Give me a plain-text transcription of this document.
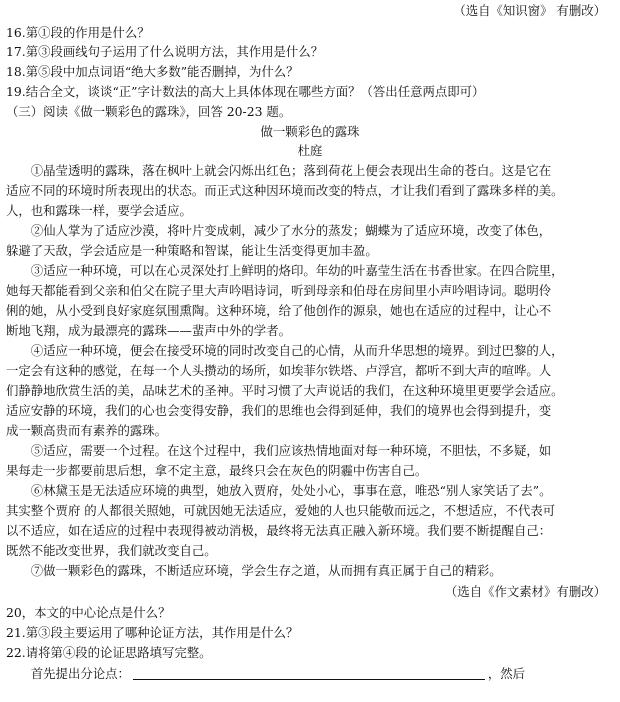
（选自《知识窗》 有删改）
16.第①段的作用是什么？
17.第③段画线句子运用了什么说明方法，其作用是什么？
18.第⑤段中加点词语“绝大多数”能否删掉，为什么？
19.结合全文，谈谈“正”字计数法的高大上具体体现在哪些方面？（答出任意两点即可）
（三）阅读《做一颗彩色的露珠》，回答 20-23 题。
做一颗彩色的露珠
杜庭
　　①晶莹透明的露珠，落在枫叶上就会闪烁出红色；落到荷花上便会表现出生命的苍白。这是它在
适应不同的环境时所表现出的状态。而正式这种因环境而改变的特点，才让我们看到了露珠多样的美。
人，也和露珠一样，要学会适应。
　　②仙人掌为了适应沙漠，将叶片变成刺，减少了水分的蒸发；蝴蝶为了适应环境，改变了体色，
躲避了天敌，学会适应是一种策略和智谋，能让生活变得更加丰盈。
　　③适应一种环境，可以在心灵深处打上鲜明的烙印。年幼的叶嘉莹生活在书香世家。在四合院里，
她每天都能看到父亲和伯父在院子里大声吟唱诗词，听到母亲和伯母在房间里小声吟唱诗词。聪明伶
俐的她，从小受到良好家庭氛围熏陶。这种环境，给了他创作的源泉，她也在适应的过程中，让心不
断地飞翔，成为最漂亮的露珠——蜚声中外的学者。
　　④适应一种环境，便会在接受环境的同时改变自己的心情，从而升华思想的境界。到过巴黎的人，
一定会有这种的感觉，在每一个人头攒动的场所，如埃菲尔铁塔、卢浮宫，都听不到大声的喧哗。人
们静静地欣赏生活的美，品味艺术的圣神。平时习惯了大声说话的我们，在这种环境里更要学会适应。
适应安静的环境，我们的心也会变得安静，我们的思维也会得到延伸，我们的境界也会得到提升，变
成一颗高贵而有素养的露珠。
　　⑤适应，需要一个过程。在这个过程中，我们应该热情地面对每一种环境，不胆怯，不多疑，如
果每走一步都要前思后想，拿不定主意，最终只会在灰色的阴霾中伤害自己。
　　⑥林黛玉是无法适应环境的典型，她放入贾府，处处小心，事事在意，唯恐“别人家笑话了去”。
其实整个贾府 的人都很关照她，可就因她无法适应，爱她的人也只能敬而远之，不想适应，不代表可
以不适应，如在适应的过程中表现得被动消极，最终将无法真正融入新环境。我们要不断提醒自己：
既然不能改变世界，我们就改变自己。
　　⑦做一颗彩色的露珠，不断适应环境，学会生存之道，从而拥有真正属于自己的精彩。
（选自《作文素材》有删改）
20，本文的中心论点是什么？
21.第③段主要运用了哪种论证方法，其作用是什么？
22.请将第④段的论证思路填写完整。
　　首先提出分论点：	，然后
